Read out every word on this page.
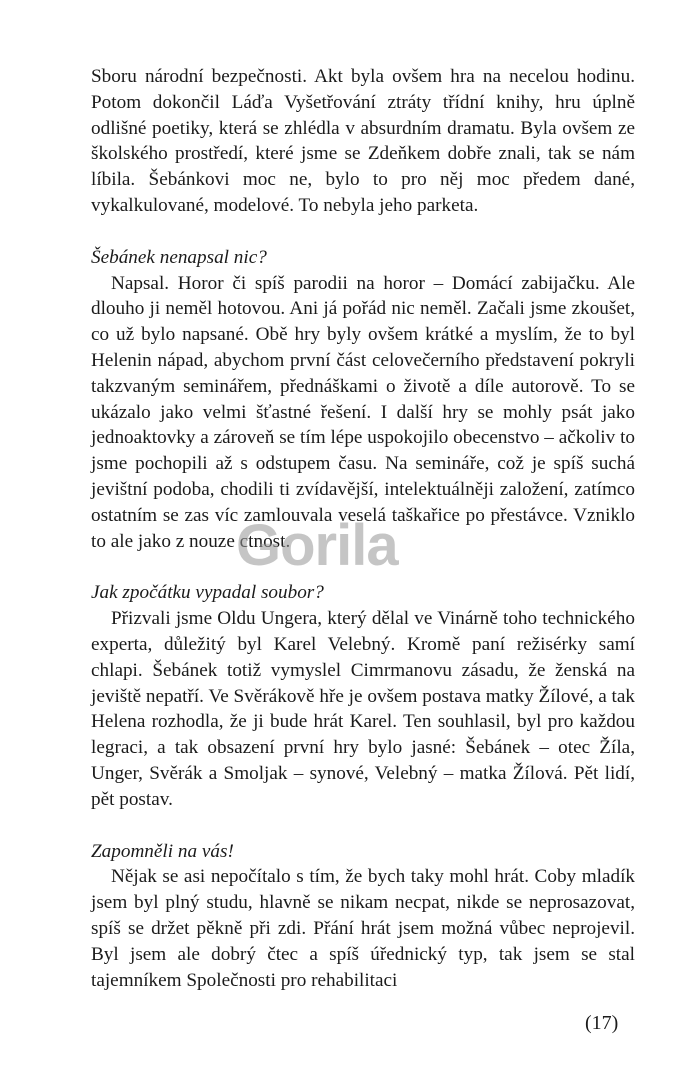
Sboru národní bezpečnosti. Akt byla ovšem hra na necelou hodinu. Potom dokončil Láďa Vyšetřování ztráty třídní knihy, hru úplně odlišné poetiky, která se zhlédla v absurdním dramatu. Byla ovšem ze školského prostředí, které jsme se Zdeňkem dobře znali, tak se nám líbila. Šebánkovi moc ne, bylo to pro něj moc předem dané, vykalkulované, modelové. To nebyla jeho parketa.

Šebánek nenapsal nic?

Napsal. Horor či spíš parodii na horor – Domácí zabijačku. Ale dlouho ji neměl hotovou. Ani já pořád nic neměl. Začali jsme zkoušet, co už bylo napsané. Obě hry byly ovšem krátké a myslím, že to byl Helenin nápad, abychom první část celovečerního představení pokryli takzvaným seminářem, přednáškami o životě a díle autorově. To se ukázalo jako velmi šťastné řešení. I další hry se mohly psát jako jednoaktovky a zároveň se tím lépe uspokojilo obecenstvo – ačkoliv to jsme pochopili až s odstupem času. Na semináře, což je spíš suchá jevištní podoba, chodili ti zvídavější, intelektuálněji založení, zatímco ostatním se zas víc zamlouvala veselá taškařice po přestávce. Vzniklo to ale jako z nouze ctnost.

Jak zpočátku vypadal soubor?

Přizvali jsme Oldu Ungera, který dělal ve Vinárně toho technického experta, důležitý byl Karel Velebný. Kromě paní režisérky samí chlapi. Šebánek totiž vymyslel Cimrmanovu zásadu, že ženská na jeviště nepatří. Ve Svěrákově hře je ovšem postava matky Žílové, a tak Helena rozhodla, že ji bude hrát Karel. Ten souhlasil, byl pro každou legraci, a tak obsazení první hry bylo jasné: Šebánek – otec Žíla, Unger, Svěrák a Smoljak – synové, Velebný – matka Žílová. Pět lidí, pět postav.

Zapomněli na vás!

Nějak se asi nepočítalo s tím, že bych taky mohl hrát. Coby mladík jsem byl plný studu, hlavně se nikam necpat, nikde se neprosazovat, spíš se držet pěkně při zdi. Přání hrát jsem možná vůbec neprojevil. Byl jsem ale dobrý čtec a spíš úřednický typ, tak jsem se stal tajemníkem Společnosti pro rehabilitaci

Gorila
(17)
